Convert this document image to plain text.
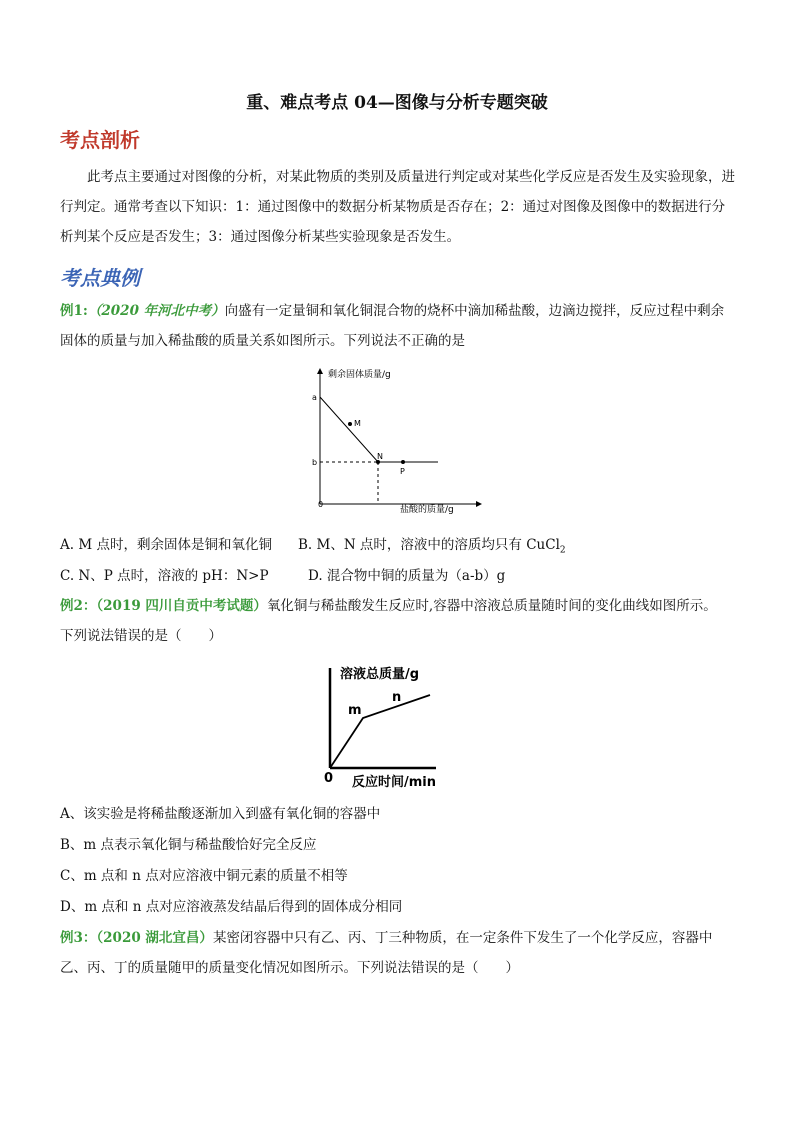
重、难点考点 04—图像与分析专题突破
考点剖析
此考点主要通过对图像的分析，对某此物质的类别及质量进行判定或对某些化学反应是否发生及实验现象，进行判定。通常考查以下知识：1：通过图像中的数据分析某物质是否存在；2：通过对图像及图像中的数据进行分析判某个反应是否发生；3：通过图像分析某些实验现象是否发生。
考点典例
例1:（2020 年河北中考）向盛有一定量铜和氧化铜混合物的烧杯中滴加稀盐酸，边滴边搅拌，反应过程中剩余固体的质量与加入稀盐酸的质量关系如图所示。下列说法不正确的是
剩余固体质量/g
盐酸的质量/g
0
a
b
M
N
P
A. M 点时，剩余固体是铜和氧化铜 B. M、N 点时，溶液中的溶质均只有 CuCl$_2$
C. N、P 点时，溶液的 pH：N>P	D. 混合物中铜的质量为（a-b）g
例2：（2019 四川自贡中考试题）氧化铜与稀盐酸发生反应时,容器中溶液总质量随时间的变化曲线如图所示。
下列说法错误的是（　　）
溶液总质量/g
反应时间/min
0
m
n
A、该实验是将稀盐酸逐渐加入到盛有氧化铜的容器中
B、m 点表示氧化铜与稀盐酸恰好完全反应
C、m 点和 n 点对应溶液中铜元素的质量不相等
D、m 点和 n 点对应溶液蒸发结晶后得到的固体成分相同
例3：（2020 湖北宜昌）某密闭容器中只有乙、丙、丁三种物质，在一定条件下发生了一个化学反应，容器中
乙、丙、丁的质量随甲的质量变化情况如图所示。下列说法错误的是（　　）
